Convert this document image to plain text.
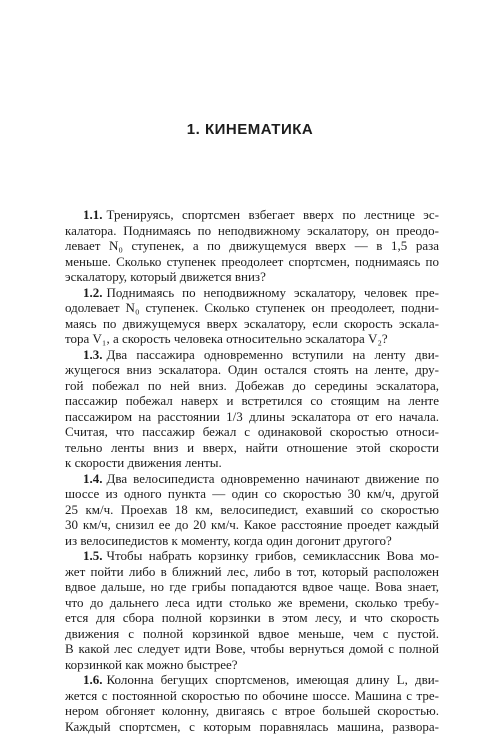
1. КИНЕМАТИКА
1.1. Тренируясь, спортсмен взбегает вверх по лестнице эс-
калатора. Поднимаясь по неподвижному эскалатору, он преодо-
левает N₀ ступенек, а по движущемуся вверх — в 1,5 раза
меньше. Сколько ступенек преодолеет спортсмен, поднимаясь по
эскалатору, который движется вниз?
1.2. Поднимаясь по неподвижному эскалатору, человек пре-
одолевает N₀ ступенек. Сколько ступенек он преодолеет, подни-
маясь по движущемуся вверх эскалатору, если скорость эскала-
тора V₁, а скорость человека относительно эскалатора V₂?
1.3. Два пассажира одновременно вступили на ленту дви-
жущегося вниз эскалатора. Один остался стоять на ленте, дру-
гой побежал по ней вниз. Добежав до середины эскалатора,
пассажир побежал наверх и встретился со стоящим на ленте
пассажиром на расстоянии 1/3 длины эскалатора от его начала.
Считая, что пассажир бежал с одинаковой скоростью относи-
тельно ленты вниз и вверх, найти отношение этой скорости
к скорости движения ленты.
1.4. Два велосипедиста одновременно начинают движение по
шоссе из одного пункта — один со скоростью 30 км/ч, другой
25 км/ч. Проехав 18 км, велосипедист, ехавший со скоростью
30 км/ч, снизил ее до 20 км/ч. Какое расстояние проедет каждый
из велосипедистов к моменту, когда один догонит другого?
1.5. Чтобы набрать корзинку грибов, семиклассник Вова мо-
жет пойти либо в ближний лес, либо в тот, который расположен
вдвое дальше, но где грибы попадаются вдвое чаще. Вова знает,
что до дальнего леса идти столько же времени, сколько требу-
ется для сбора полной корзинки в этом лесу, и что скорость
движения с полной корзинкой вдвое меньше, чем с пустой.
В какой лес следует идти Вове, чтобы вернуться домой с полной
корзинкой как можно быстрее?
1.6. Колонна бегущих спортсменов, имеющая длину L, дви-
жется с постоянной скоростью по обочине шоссе. Машина с тре-
нером обгоняет колонну, двигаясь с втрое большей скоростью.
Каждый спортсмен, с которым поравнялась машина, развора-
